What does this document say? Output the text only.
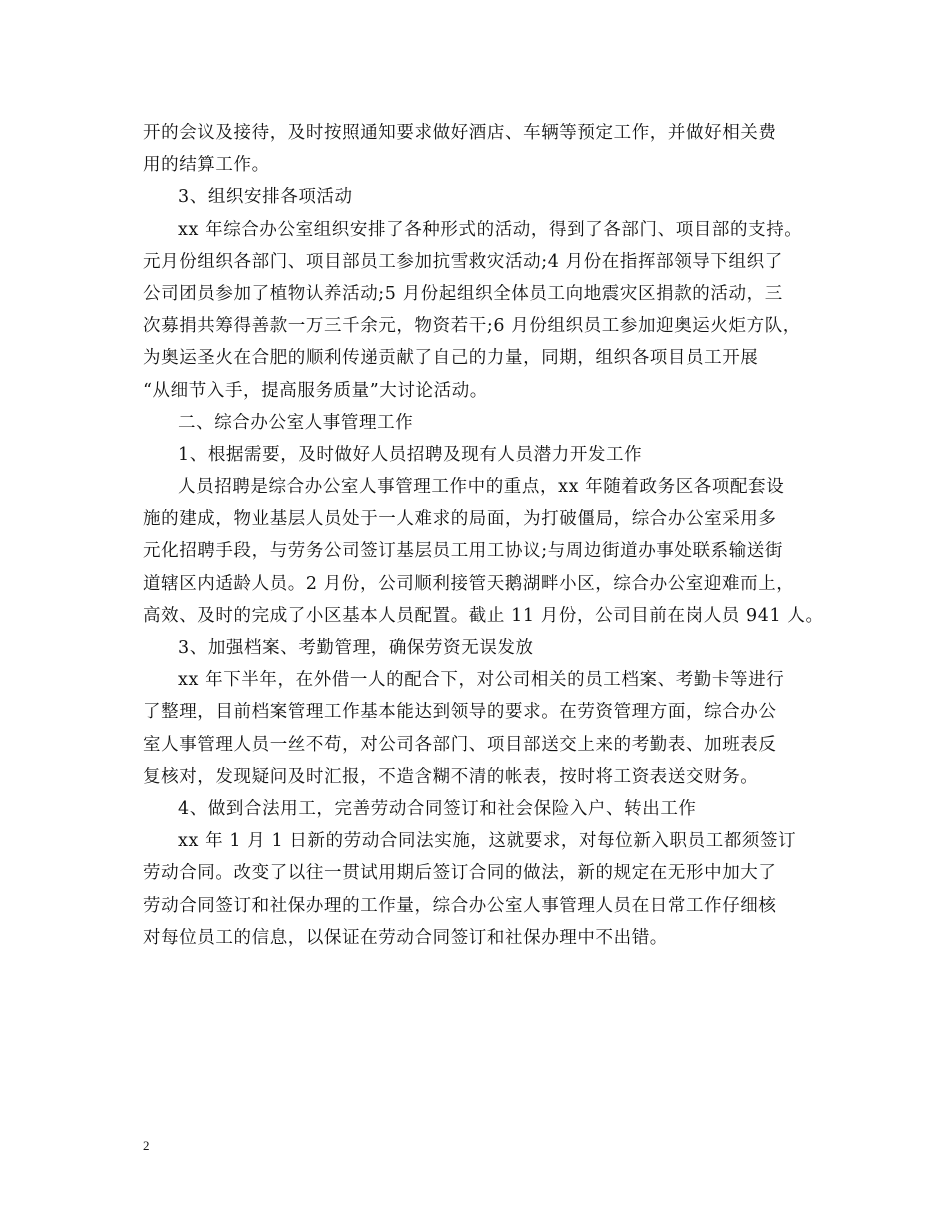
开的会议及接待，及时按照通知要求做好酒店、车辆等预定工作，并做好相关费
用的结算工作。
3、组织安排各项活动
xx 年综合办公室组织安排了各种形式的活动，得到了各部门、项目部的支持。
元月份组织各部门、项目部员工参加抗雪救灾活动;4 月份在指挥部领导下组织了
公司团员参加了植物认养活动;5 月份起组织全体员工向地震灾区捐款的活动，三
次募捐共筹得善款一万三千余元，物资若干;6 月份组织员工参加迎奥运火炬方队，
为奥运圣火在合肥的顺利传递贡献了自己的力量，同期，组织各项目员工开展
“从细节入手，提高服务质量”大讨论活动。
二、综合办公室人事管理工作
1、根据需要，及时做好人员招聘及现有人员潜力开发工作
人员招聘是综合办公室人事管理工作中的重点，xx 年随着政务区各项配套设
施的建成，物业基层人员处于一人难求的局面，为打破僵局，综合办公室采用多
元化招聘手段，与劳务公司签订基层员工用工协议;与周边街道办事处联系输送街
道辖区内适龄人员。2 月份，公司顺利接管天鹅湖畔小区，综合办公室迎难而上，
高效、及时的完成了小区基本人员配置。截止 11 月份，公司目前在岗人员 941 人。
3、加强档案、考勤管理，确保劳资无误发放
xx 年下半年，在外借一人的配合下，对公司相关的员工档案、考勤卡等进行
了整理，目前档案管理工作基本能达到领导的要求。在劳资管理方面，综合办公
室人事管理人员一丝不苟，对公司各部门、项目部送交上来的考勤表、加班表反
复核对，发现疑问及时汇报，不造含糊不清的帐表，按时将工资表送交财务。
4、做到合法用工，完善劳动合同签订和社会保险入户、转出工作
xx 年 1 月 1 日新的劳动合同法实施，这就要求，对每位新入职员工都须签订
劳动合同。改变了以往一贯试用期后签订合同的做法，新的规定在无形中加大了
劳动合同签订和社保办理的工作量，综合办公室人事管理人员在日常工作仔细核
对每位员工的信息，以保证在劳动合同签订和社保办理中不出错。
2
